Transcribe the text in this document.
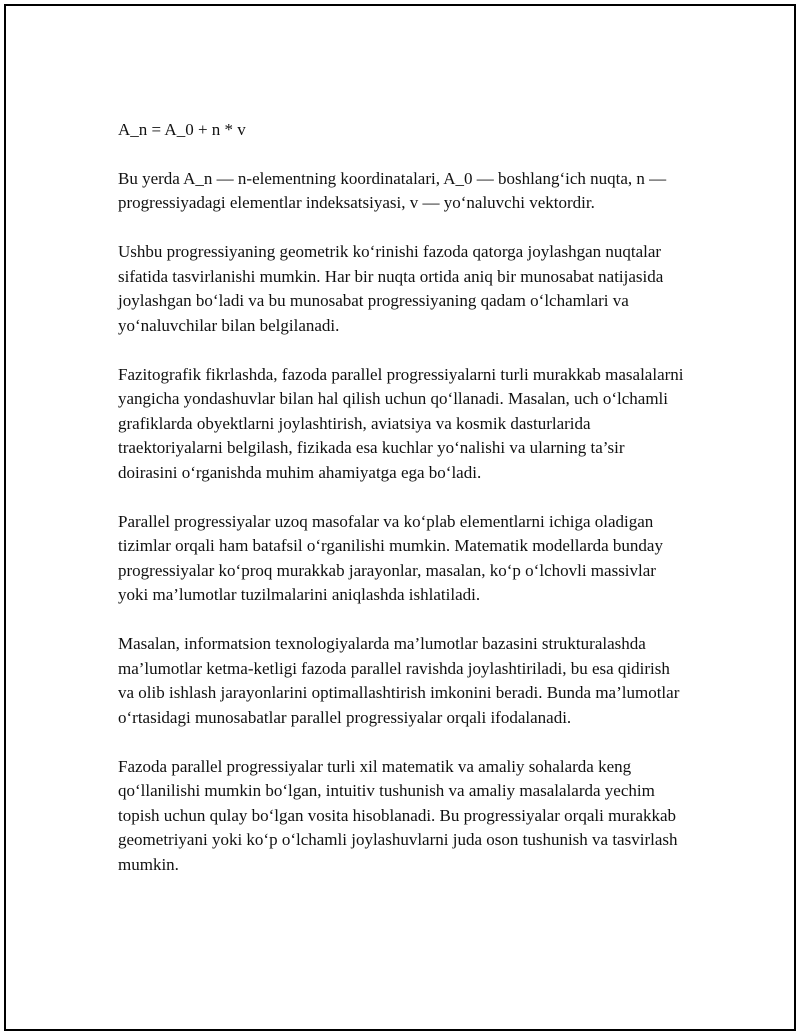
A_n = A_0 + n * v

Bu yerda A_n — n-elementning koordinatalari, A_0 — boshlang‘ich nuqta, n — progressiyadagi elementlar indeksatsiyasi, v — yo‘naluvchi vektordir.

Ushbu progressiyaning geometrik ko‘rinishi fazoda qatorga joylashgan nuqtalar sifatida tasvirlanishi mumkin. Har bir nuqta ortida aniq bir munosabat natijasida joylashgan bo‘ladi va bu munosabat progressiyaning qadam o‘lchamlari va yo‘naluvchilar bilan belgilanadi.

Fazitografik fikrlashda, fazoda parallel progressiyalarni turli murakkab masalalarni yangicha yondashuvlar bilan hal qilish uchun qo‘llanadi. Masalan, uch o‘lchamli grafiklarda obyektlarni joylashtirish, aviatsiya va kosmik dasturlarida traektoriyalarni belgilash, fizikada esa kuchlar yo‘nalishi va ularning ta’sir doirasini o‘rganishda muhim ahamiyatga ega bo‘ladi.

Parallel progressiyalar uzoq masofalar va ko‘plab elementlarni ichiga oladigan tizimlar orqali ham batafsil o‘rganilishi mumkin. Matematik modellarda bunday progressiyalar ko‘proq murakkab jarayonlar, masalan, ko‘p o‘lchovli massivlar yoki ma’lumotlar tuzilmalarini aniqlashda ishlatiladi.

Masalan, informatsion texnologiyalarda ma’lumotlar bazasini strukturalashda ma’lumotlar ketma-ketligi fazoda parallel ravishda joylashtiriladi, bu esa qidirish va olib ishlash jarayonlarini optimallashtirish imkonini beradi. Bunda ma’lumotlar o‘rtasidagi munosabatlar parallel progressiyalar orqali ifodalanadi.

Fazoda parallel progressiyalar turli xil matematik va amaliy sohalarda keng qo‘llanilishi mumkin bo‘lgan, intuitiv tushunish va amaliy masalalarda yechim topish uchun qulay bo‘lgan vosita hisoblanadi. Bu progressiyalar orqali murakkab geometriyani yoki ko‘p o‘lchamli joylashuvlarni juda oson tushunish va tasvirlash mumkin.
